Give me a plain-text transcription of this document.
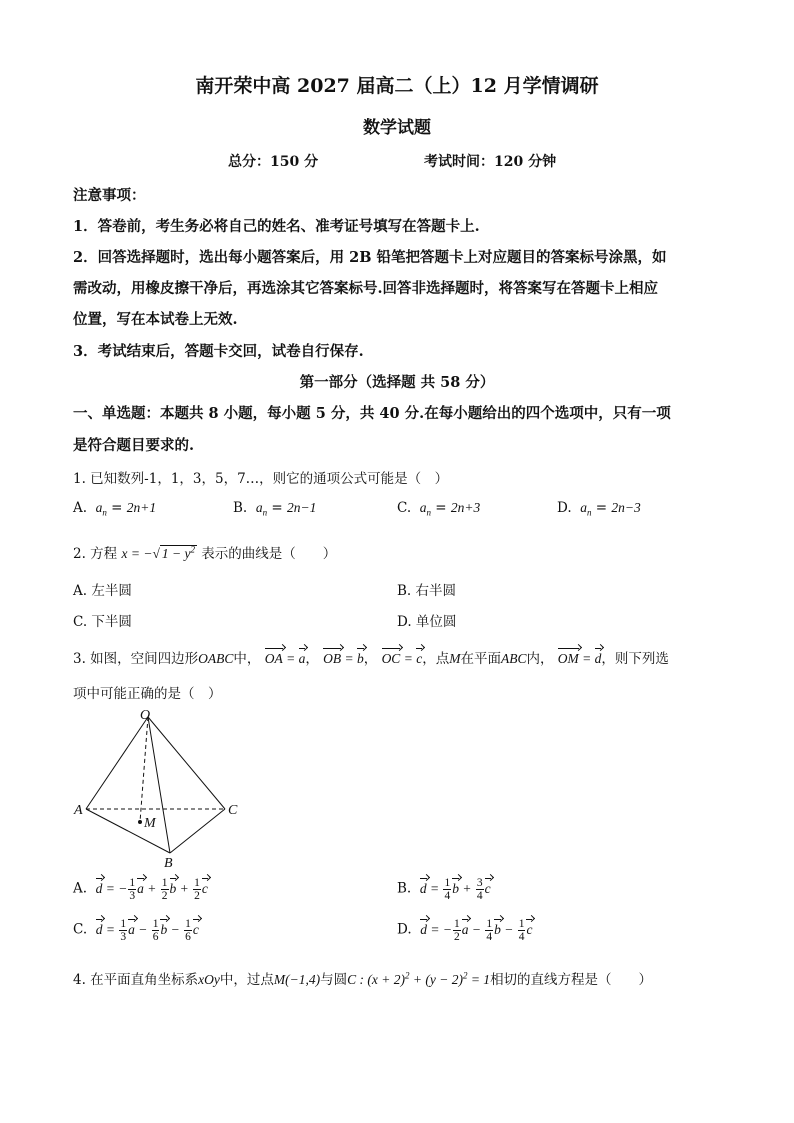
南开荣中高 2027 届高二（上）12 月学情调研
数学试题
总分：150 分	考试时间：120 分钟
注意事项：
1．答卷前，考生务必将自己的姓名、准考证号填写在答题卡上.
2．回答选择题时，选出每小题答案后，用 2B 铅笔把答题卡上对应题目的答案标号涂黑，如
需改动，用橡皮擦干净后，再选涂其它答案标号.回答非选择题时，将答案写在答题卡上相应
位置，写在本试卷上无效.
3．考试结束后，答题卡交回，试卷自行保存.
第一部分（选择题 共 58 分）
一、单选题：本题共 8 小题，每小题 5 分，共 40 分.在每小题给出的四个选项中，只有一项
是符合题目要求的.
1. 已知数列-1，1，3，5，7…，则它的通项公式可能是（　）
A. $a_n = 2n+1$	B. $a_n = 2n-1$	C. $a_n = 2n+3$	D. $a_n = 2n-3$
2. 方程 x = −√ $1 - y^2$ 表示的曲线是（　　）
A. 左半圆	B. 右半圆
C. 下半圆	D. 单位圆
3. 如图，空间四边形OABC中， OA = a， OB = b， OC = c，点M在平面ABC内， OM = d，则下列选
项中可能正确的是（　）
O
A	C
B
M
A. d = − $\frac{1}{3}$ $a + \frac{1}{2}$ $b + \frac{1}{2}$ c	B. $d = \frac{1}{4}$ $b + \frac{3}{4}$ c
C. $d = \frac{1}{3}$ $a - \frac{1}{6}$ $b - \frac{1}{6}$ c	D. d = − $\frac{1}{2}$ $a - \frac{1}{4}$ $b - \frac{1}{4}$ c
4. 在平面直角坐标系xOy中，过点M(−1,4)与圆C : $(x + 2)^2 + (y - 2)^2 = 1$相切的直线方程是（　　）
